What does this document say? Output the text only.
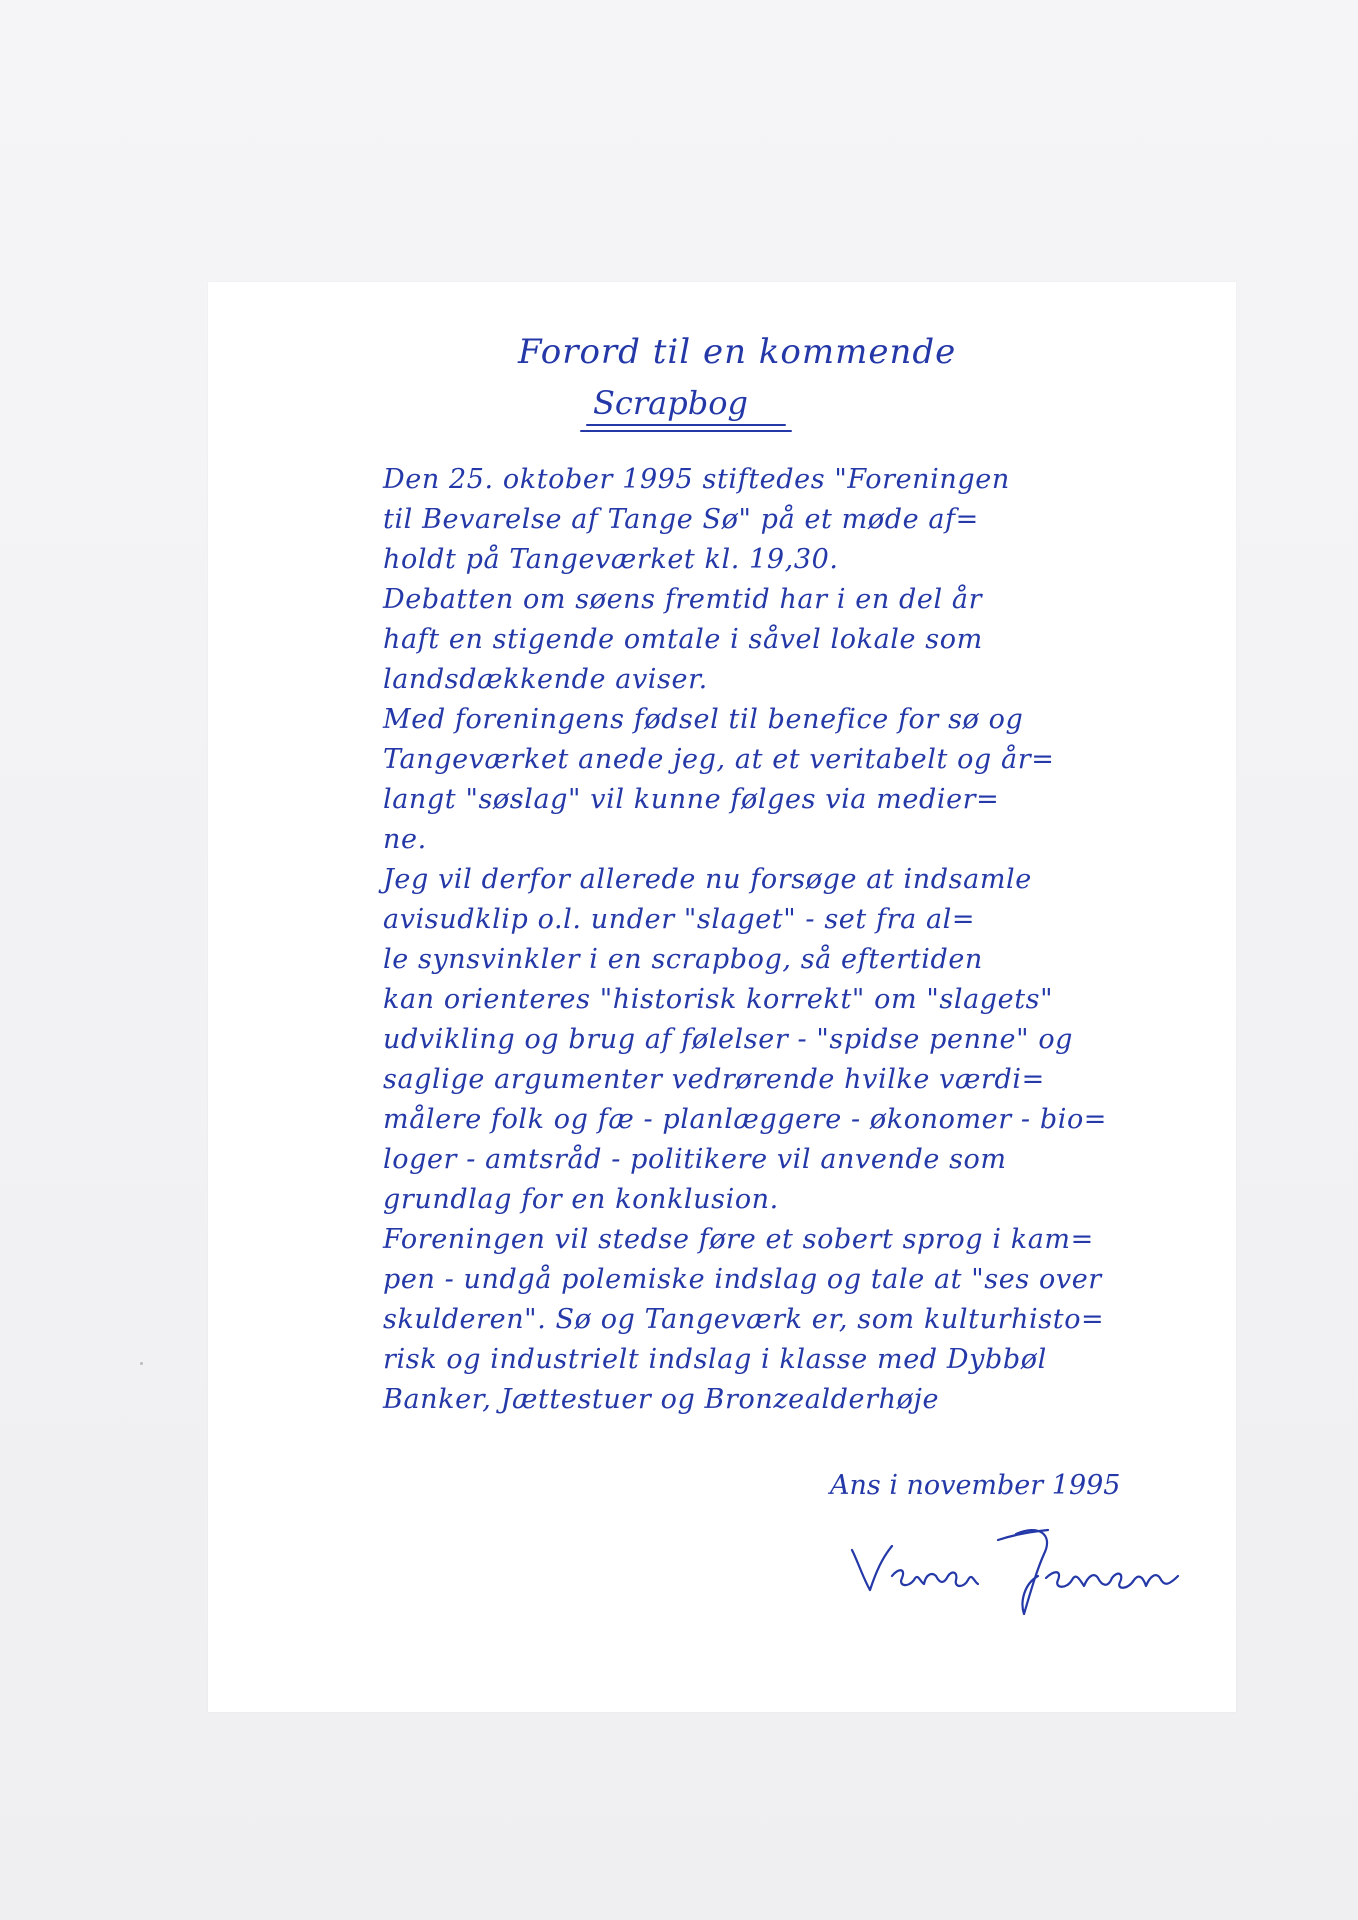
Forord til en kommende
Scrapbog
Den 25. oktober 1995 stiftedes "Foreningen
til Bevarelse af Tange Sø" på et møde af=
holdt på Tangeværket kl. 19,30.
Debatten om søens fremtid har i en del år
haft en stigende omtale i såvel lokale som
landsdækkende aviser.
Med foreningens fødsel til benefice for sø og
Tangeværket anede jeg, at et veritabelt og år=
langt "søslag" vil kunne følges via medier=
ne.
Jeg vil derfor allerede nu forsøge at indsamle
avisudklip o.l. under "slaget" - set fra al=
le synsvinkler i en scrapbog, så eftertiden
kan orienteres "historisk korrekt" om "slagets"
udvikling og brug af følelser - "spidse penne" og
saglige argumenter vedrørende hvilke værdi=
målere folk og fæ - planlæggere - økonomer - bio=
loger - amtsråd - politikere vil anvende som
grundlag for en konklusion.
Foreningen vil stedse føre et sobert sprog i kam=
pen - undgå polemiske indslag og tale at "ses over
skulderen". Sø og Tangeværk er, som kulturhisto=
risk og industrielt indslag i klasse med Dybbøl
Banker, Jættestuer og Bronzealderhøje
Ans i november 1995
